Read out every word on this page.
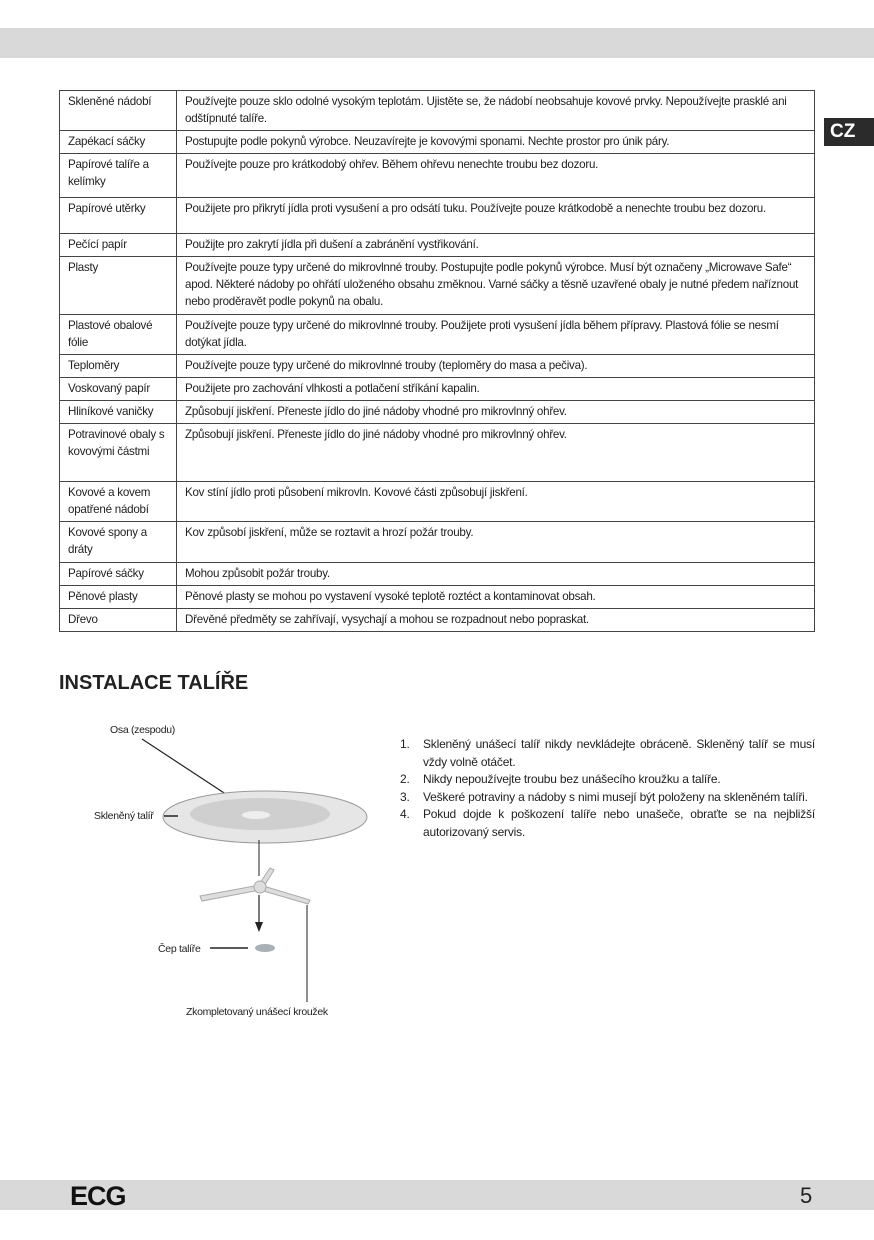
CZ
Skleněné nádobí	Používejte pouze sklo odolné vysokým teplotám. Ujistěte se, že nádobí neobsahuje kovové prvky. Nepoužívejte prasklé ani odštípnuté talíře.
Zapékací sáčky	Postupujte podle pokynů výrobce. Neuzavírejte je kovovými sponami. Nechte prostor pro únik páry.
Papírové talíře a kelímky	Používejte pouze pro krátkodobý ohřev. Během ohřevu nenechte troubu bez dozoru.
Papírové utěrky	Použijete pro přikrytí jídla proti vysušení a pro odsátí tuku. Používejte pouze krátkodobě a nenechte troubu bez dozoru.
Pečící papír	Použijte pro zakrytí jídla při dušení a zabránění vystřikování.
Plasty	Používejte pouze typy určené do mikrovlnné trouby. Postupujte podle pokynů výrobce. Musí být označeny „Microwave Safe“ apod. Některé nádoby po ohřátí uloženého obsahu změknou. Varné sáčky a těsně uzavřené obaly je nutné předem naříznout nebo proděravět podle pokynů na obalu.
Plastové obalové fólie	Používejte pouze typy určené do mikrovlnné trouby. Použijete proti vysušení jídla během přípravy. Plastová fólie se nesmí dotýkat jídla.
Teploměry	Používejte pouze typy určené do mikrovlnné trouby (teploměry do masa a pečiva).
Voskovaný papír	Použijete pro zachování vlhkosti a potlačení stříkání kapalin.
Hliníkové vaničky	Způsobují jiskření. Přeneste jídlo do jiné nádoby vhodné pro mikrovlnný ohřev.
Potravinové obaly s kovovými částmi	Způsobují jiskření. Přeneste jídlo do jiné nádoby vhodné pro mikrovlnný ohřev.
Kovové a kovem opatřené nádobí	Kov stíní jídlo proti působení mikrovln. Kovové části způsobují jiskření.
Kovové spony a dráty	Kov způsobí jiskření, může se roztavit a hrozí požár trouby.
Papírové sáčky	Mohou způsobit požár trouby.
Pěnové plasty	Pěnové plasty se mohou po vystavení vysoké teplotě roztéct a kontaminovat obsah.
Dřevo	Dřevěné předměty se zahřívají, vysychají a mohou se rozpadnout nebo popraskat.
INSTALACE TALÍŘE
Osa (zespodu)
Skleněný talíř
Čep talíře
Zkompletovaný unášecí kroužek
1.	Skleněný unášecí talíř nikdy nevkládejte obráceně. Skleněný talíř se musí vždy volně otáčet.
2.	Nikdy nepoužívejte troubu bez unášecího kroužku a talíře.
3.	Veškeré potraviny a nádoby s nimi musejí být položeny na skleněném talíři.
4.	Pokud dojde k poškození talíře nebo unašeče, obraťte se na nejbližší autorizovaný servis.
ECG	5
